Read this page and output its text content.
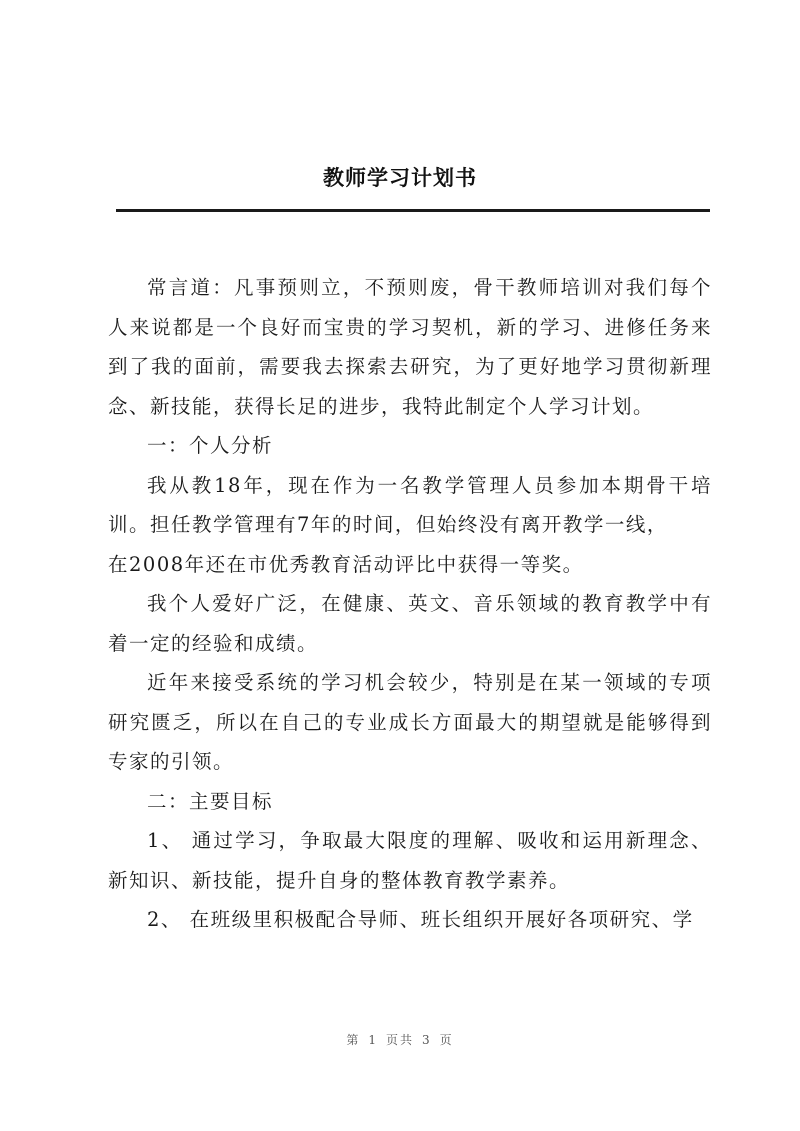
教师学习计划书

常言道：凡事预则立，不预则废，骨干教师培训对我们每个人来说都是一个良好而宝贵的学习契机，新的学习、进修任务来到了我的面前，需要我去探索去研究，为了更好地学习贯彻新理念、新技能，获得长足的进步，我特此制定个人学习计划。

一：个人分析

我从教18年，现在作为一名教学管理人员参加本期骨干培训。担任教学管理有7年的时间，但始终没有离开教学一线，

在2008年还在市优秀教育活动评比中获得一等奖。

我个人爱好广泛，在健康、英文、音乐领域的教育教学中有着一定的经验和成绩。

近年来接受系统的学习机会较少，特别是在某一领域的专项研究匮乏，所以在自己的专业成长方面最大的期望就是能够得到专家的引领。

二：主要目标

1、 通过学习，争取最大限度的理解、吸收和运用新理念、新知识、新技能，提升自身的整体教育教学素养。

2、 在班级里积极配合导师、班长组织开展好各项研究、学

第 1 页共 3 页
